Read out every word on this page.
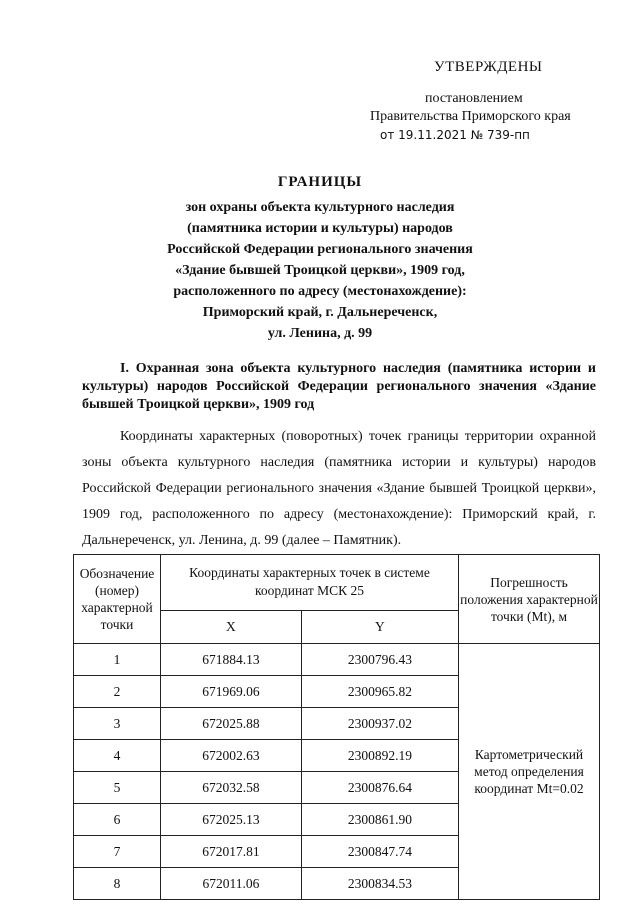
УТВЕРЖДЕНЫ
постановлением
Правительства Приморского края
от 19.11.2021 № 739-пп
ГРАНИЦЫ
зон охраны объекта культурного наследия
(памятника истории и культуры) народов
Российской Федерации регионального значения
«Здание бывшей Троицкой церкви», 1909 год,
расположенного по адресу (местонахождение):
Приморский край, г. Дальнереченск,
ул. Ленина, д. 99
I. Охранная зона объекта культурного наследия (памятника истории и культуры) народов Российской Федерации регионального значения «Здание бывшей Троицкой церкви», 1909 год
Координаты характерных (поворотных) точек границы территории охранной зоны объекта культурного наследия (памятника истории и культуры) народов Российской Федерации регионального значения «Здание бывшей Троицкой церкви», 1909 год, расположенного по адресу (местонахождение): Приморский край, г. Дальнереченск, ул. Ленина, д. 99 (далее – Памятник).
Обозначение (номер) характерной точки	Координаты характерных точек в системе координат МСК 25		Погрешность положения характерной точки (Mt), м
	X	Y	
1	671884.13	2300796.43	Картометрический метод определения координат Mt=0.02
2	671969.06	2300965.82	
3	672025.88	2300937.02	
4	672002.63	2300892.19	
5	672032.58	2300876.64	
6	672025.13	2300861.90	
7	672017.81	2300847.74	
8	672011.06	2300834.53	
